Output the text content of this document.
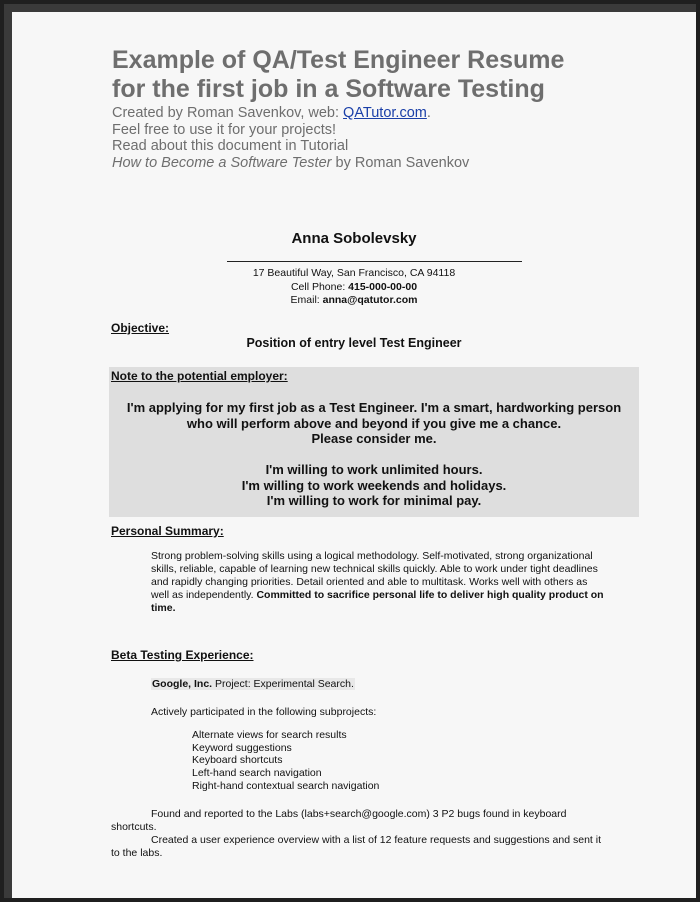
Example of QA/Test Engineer Resume
for the first job in a Software Testing
Created by Roman Savenkov, web: QATutor.com.
Feel free to use it for your projects!
Read about this document in Tutorial
How to Become a Software Tester by Roman Savenkov
Anna Sobolevsky
17 Beautiful Way, San Francisco, CA 94118
Cell Phone: 415-000-00-00
Email: anna@qatutor.com
Objective:
Position of entry level Test Engineer
Note to the potential employer:
I'm applying for my first job as a Test Engineer. I'm a smart, hardworking person
who will perform above and beyond if you give me a chance.
Please consider me.
I'm willing to work unlimited hours.
I'm willing to work weekends and holidays.
I'm willing to work for minimal pay.
Personal Summary:
Strong problem-solving skills using a logical methodology. Self-motivated, strong organizational
skills, reliable, capable of learning new technical skills quickly. Able to work under tight deadlines
and rapidly changing priorities. Detail oriented and able to multitask. Works well with others as
well as independently. Committed to sacrifice personal life to deliver high quality product on
time.
Beta Testing Experience:
Google, Inc. Project: Experimental Search.
Actively participated in the following subprojects:
Alternate views for search results
Keyword suggestions
Keyboard shortcuts
Left-hand search navigation
Right-hand contextual search navigation
Found and reported to the Labs (labs+search@google.com) 3 P2 bugs found in keyboard
shortcuts.
Created a user experience overview with a list of 12 feature requests and suggestions and sent it
to the labs.
